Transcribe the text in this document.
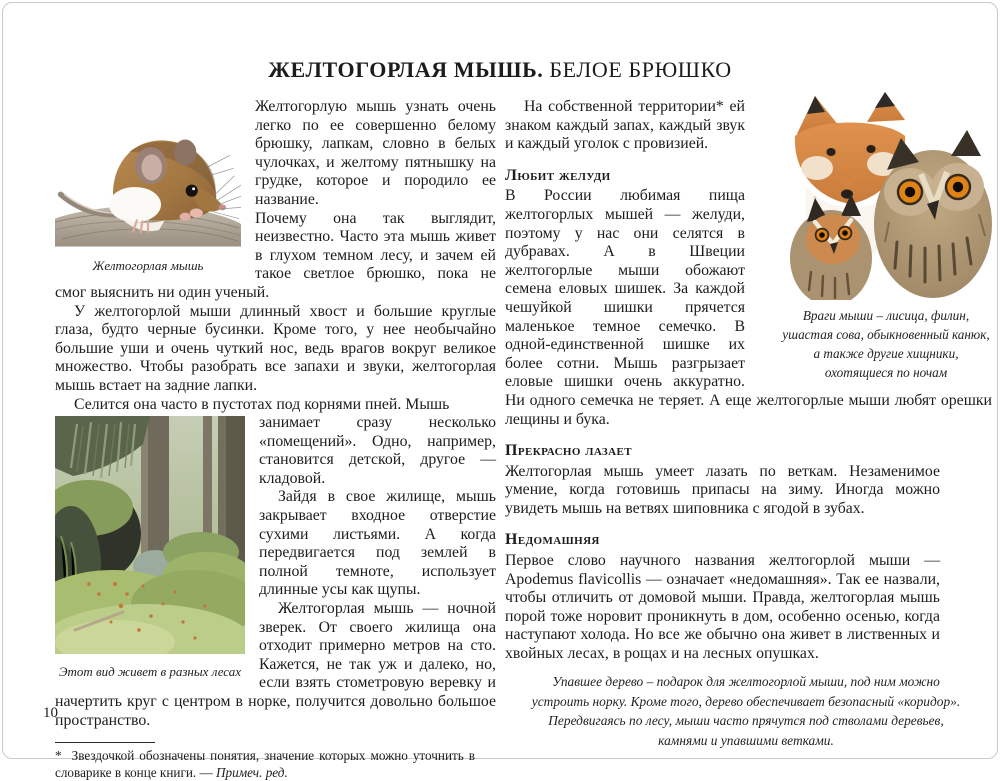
ЖЕЛТОГОРЛАЯ МЫШЬ. БЕЛОЕ БРЮШКО
Желтогорлая мышь

Желтогорлую мышь узнать очень легко по ее совершенно белому брюшку, лапкам, словно в белых чулочках, и желтому пятнышку на грудке, которое и породило ее название.

Почему она так выглядит, неизвестно. Часто эта мышь живет в глухом темном лесу, и зачем ей такое светлое брюшко, пока не смог выяснить ни один ученый.

У желтогорлой мыши длинный хвост и большие круглые глаза, будто черные бусинки. Кроме того, у нее необычайно большие уши и очень чуткий нос, ведь врагов вокруг великое множество. Чтобы разобрать все запахи и звуки, желтогорлая мышь встает на задние лапки.

Селится она часто в пустотах под корнями пней. Мышь

Этот вид живет в разных лесах

занимает сразу несколько «помещений». Одно, например, становится детской, другое — кладовой.

Зайдя в свое жилище, мышь закрывает входное отверстие сухими листьями. А когда передвигается под землей в полной темноте, использует длинные усы как щупы.

Желтогорлая мышь — ночной зверек. От своего жилища она отходит примерно метров на сто. Кажется, не так уж и далеко, но, если взять стометровую веревку и начертить круг с центром в норке, получится довольно большое пространство.

* Звездочкой обозначены понятия, значение которых можно уточнить в словарике в конце книги. — Примеч. ред.
Враги мыши – лисица, филин, ушастая сова, обыкновенный канюк, а также другие хищники, охотящиеся по ночам

На собственной территории* ей знаком каждый запах, каждый звук и каждый уголок с провизией.

Любит желуди

В России любимая пища желтогорлых мышей — желуди, поэтому у нас они селятся в дубравах. А в Швеции желтогорлые мыши обожают семена еловых шишек. За каждой чешуйкой шишки прячется маленькое темное семечко. В одной-единственной шишке их более сотни. Мышь разгрызает еловые шишки очень аккуратно. Ни одного семечка не теряет. А еще желтогорлые мыши любят орешки лещины и бука.

Прекрасно лазает

Желтогорлая мышь умеет лазать по веткам. Незаменимое умение, когда готовишь припасы на зиму. Иногда можно увидеть мышь на ветвях шиповника с ягодой в зубах.

Недомашняя

Первое слово научного названия желтогорлой мыши — Apodemus flavicollis — означает «недомашняя». Так ее назвали, чтобы отличить от домовой мыши. Правда, желтогорлая мышь порой тоже норовит проникнуть в дом, особенно осенью, когда наступают холода. Но все же обычно она живет в лиственных и хвойных лесах, в рощах и на лесных опушках.

Упавшее дерево – подарок для желтогорлой мыши, под ним можно устроить норку. Кроме того, дерево обеспечивает безопасный «коридор». Передвигаясь по лесу, мыши часто прячутся под стволами деревьев, камнями и упавшими ветками.
10
